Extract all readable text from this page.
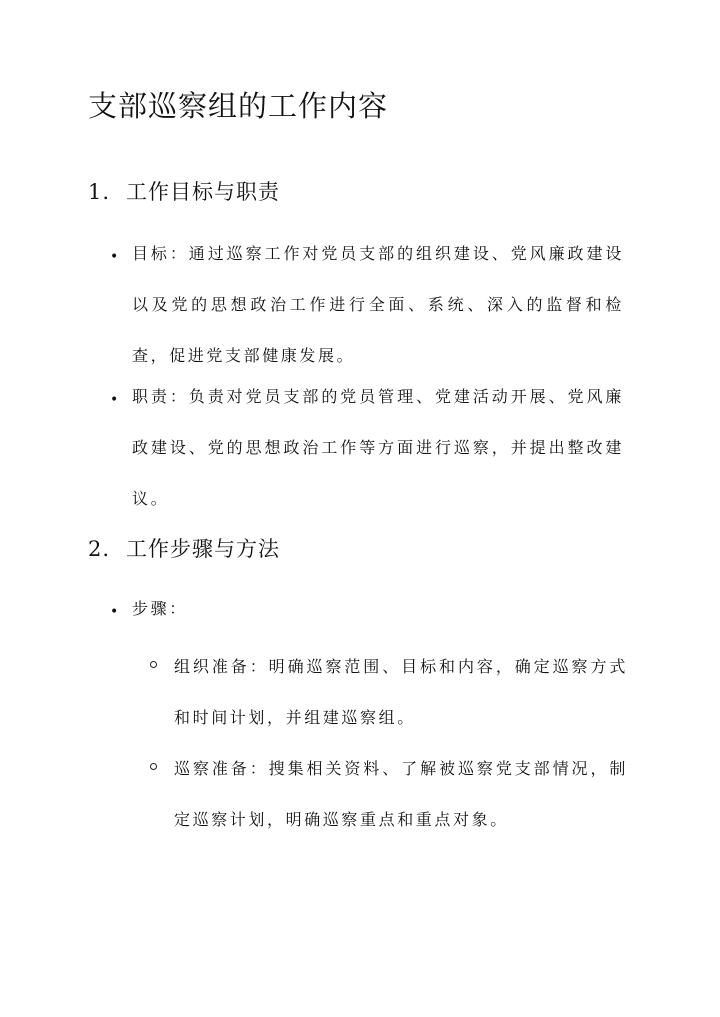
支部巡察组的工作内容
1. 工作目标与职责
• 目标：通过巡察工作对党员支部的组织建设、党风廉政建设以及党的思想政治工作进行全面、系统、深入的监督和检查，促进党支部健康发展。

• 职责：负责对党员支部的党员管理、党建活动开展、党风廉政建设、党的思想政治工作等方面进行巡察，并提出整改建议。

2. 工作步骤与方法
• 步骤：

组织准备：明确巡察范围、目标和内容，确定巡察方式和时间计划，并组建巡察组。

巡察准备：搜集相关资料、了解被巡察党支部情况，制定巡察计划，明确巡察重点和重点对象。
